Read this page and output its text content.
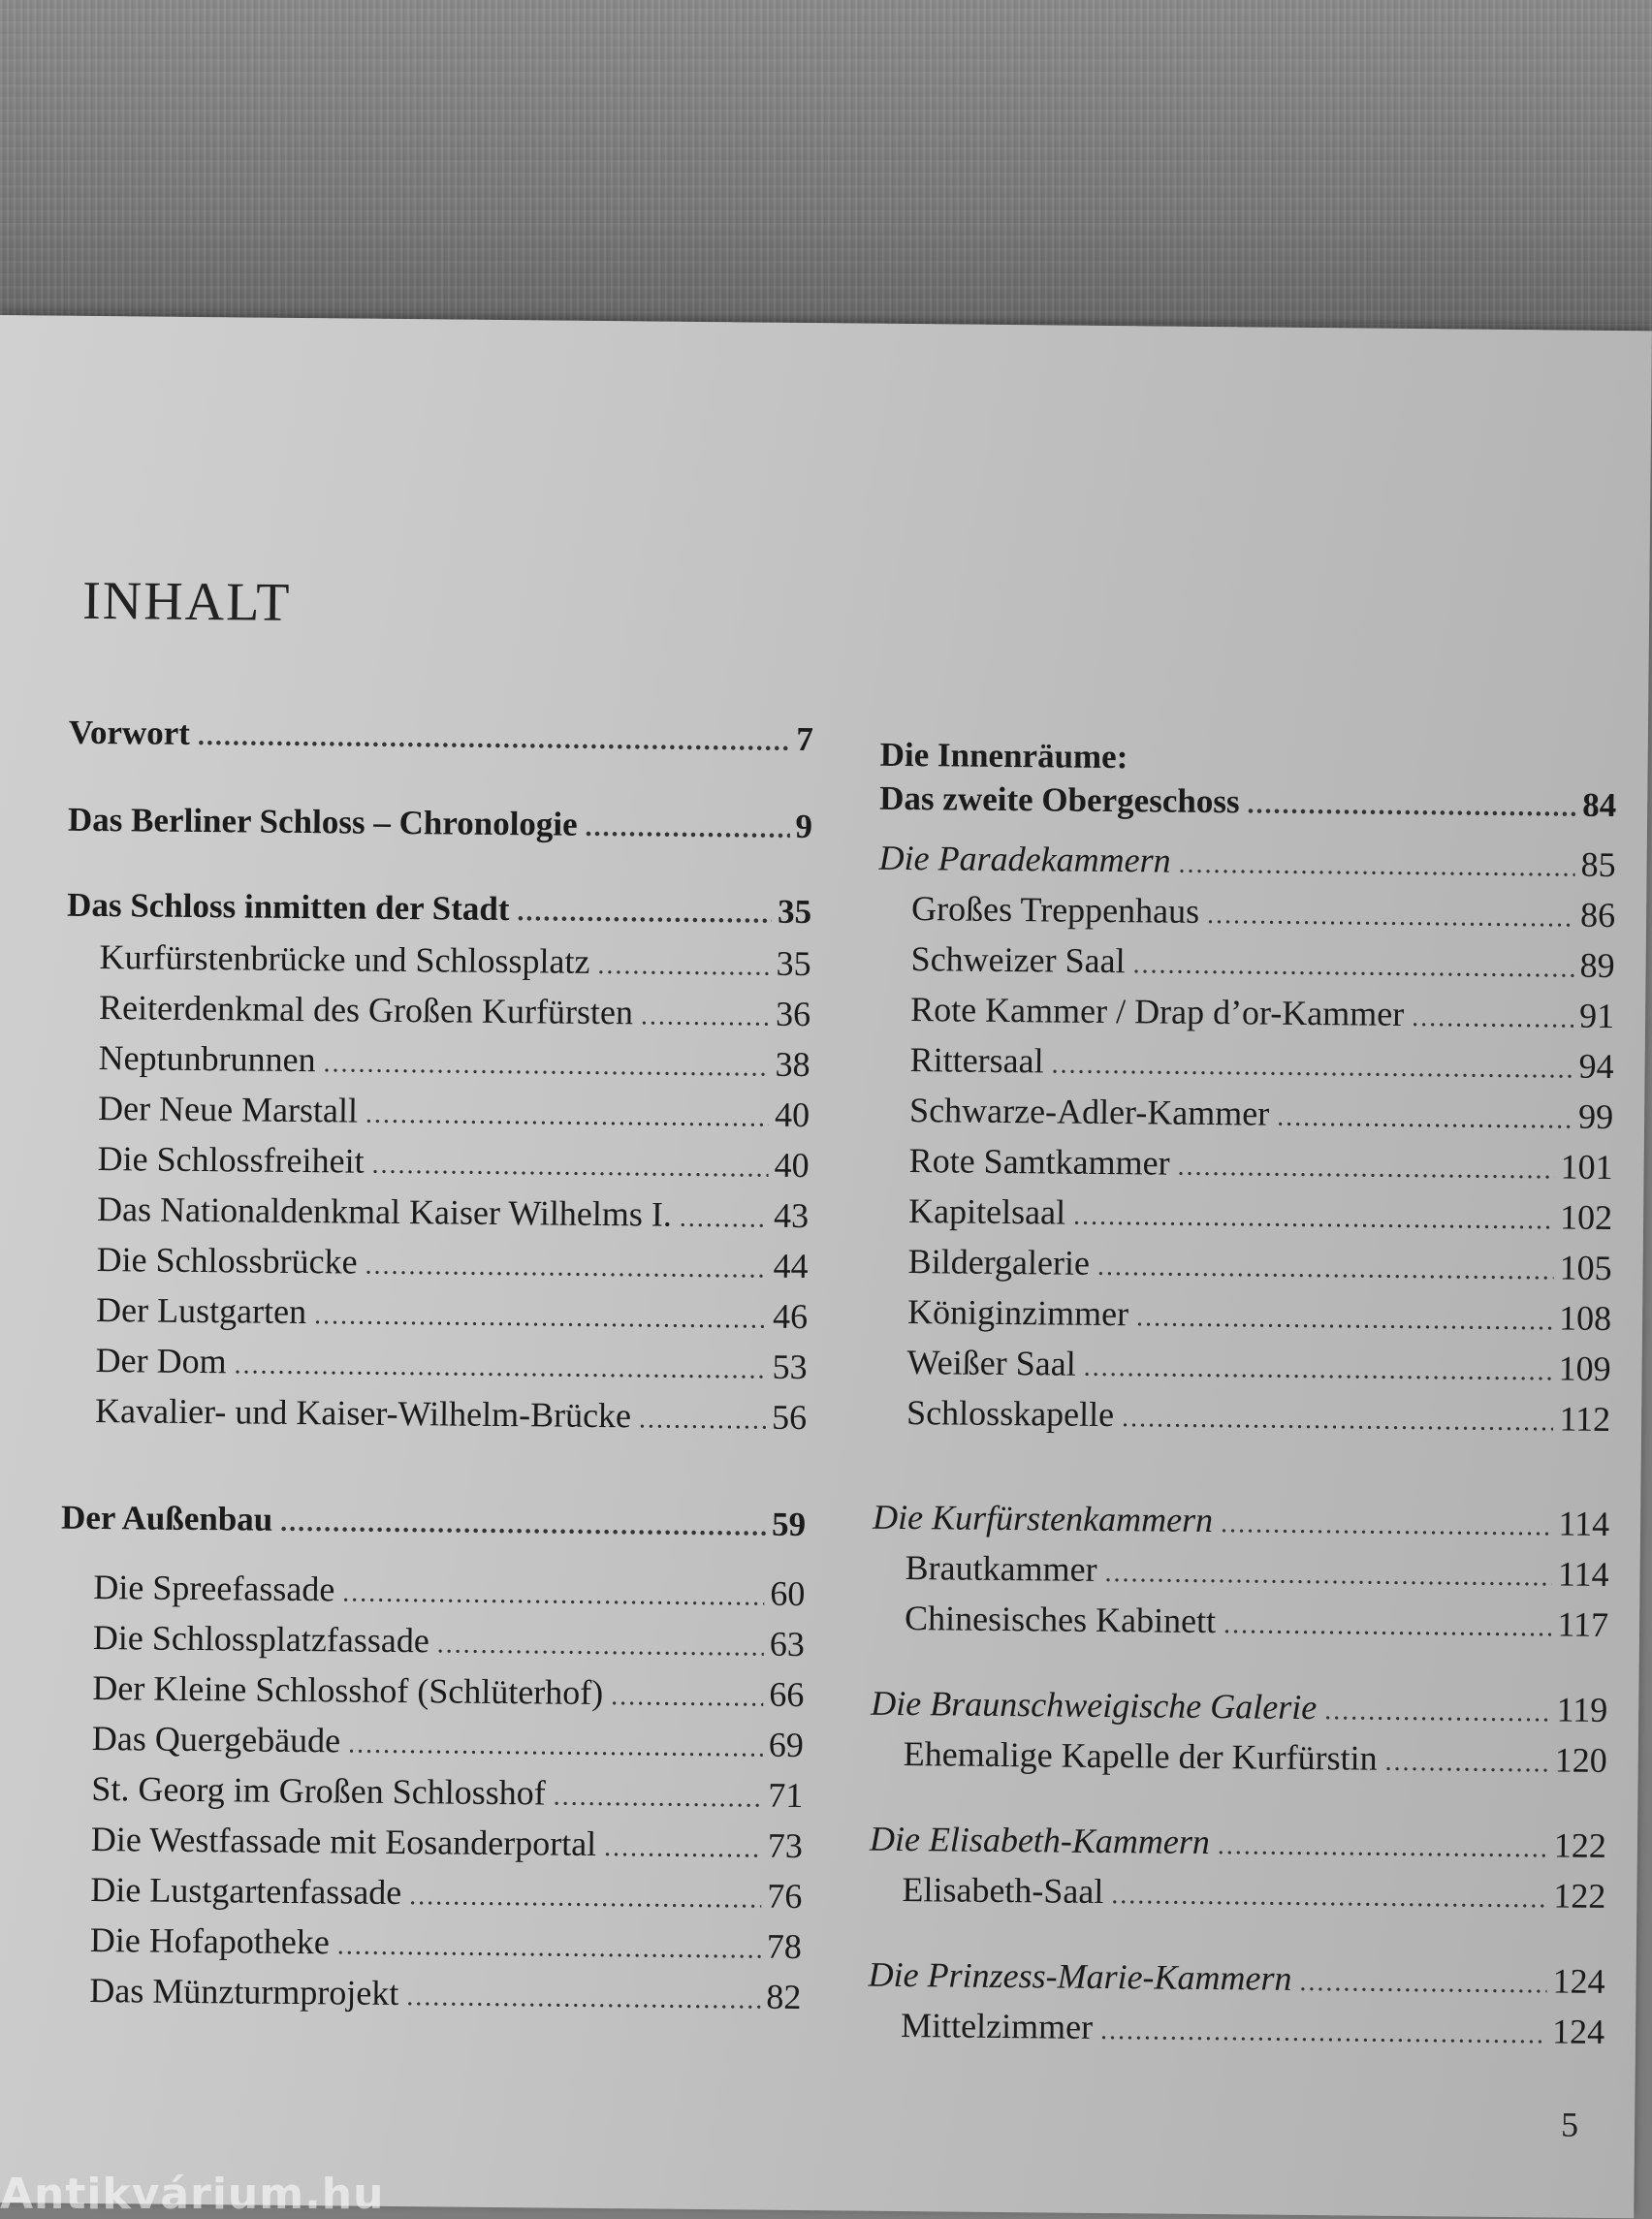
INHALT
Vorwort .....	7
Das Berliner Schloss – Chronologie .....	9
Das Schloss inmitten der Stadt .....	35
Kurfürstenbrücke und Schlossplatz .....	35
Reiterdenkmal des Großen Kurfürsten .....	36
Neptunbrunnen .....	38
Der Neue Marstall .....	40
Die Schlossfreiheit .....	40
Das Nationaldenkmal Kaiser Wilhelms I. .....	43
Die Schlossbrücke .....	44
Der Lustgarten .....	46
Der Dom .....	53
Kavalier- und Kaiser-Wilhelm-Brücke .....	56
Der Außenbau .....	59
Die Spreefassade .....	60
Die Schlossplatzfassade .....	63
Der Kleine Schlosshof (Schlüterhof) .....	66
Das Quergebäude .....	69
St. Georg im Großen Schlosshof .....	71
Die Westfassade mit Eosanderportal .....	73
Die Lustgartenfassade .....	76
Die Hofapotheke .....	78
Das Münzturmprojekt .....	82
Die Innenräume:
Das zweite Obergeschoss .....	84
Die Paradekammern .....	85
Großes Treppenhaus .....	86
Schweizer Saal .....	89
Rote Kammer / Drap d’or-Kammer .....	91
Rittersaal .....	94
Schwarze-Adler-Kammer .....	99
Rote Samtkammer .....	101
Kapitelsaal .....	102
Bildergalerie .....	105
Königinzimmer .....	108
Weißer Saal .....	109
Schlosskapelle .....	112
Die Kurfürstenkammern .....	114
Brautkammer .....	114
Chinesisches Kabinett .....	117
Die Braunschweigische Galerie .....	119
Ehemalige Kapelle der Kurfürstin .....	120
Die Elisabeth-Kammern .....	122
Elisabeth-Saal .....	122
Die Prinzess-Marie-Kammern .....	124
Mittelzimmer .....	124
5
Antikvárium.hu
